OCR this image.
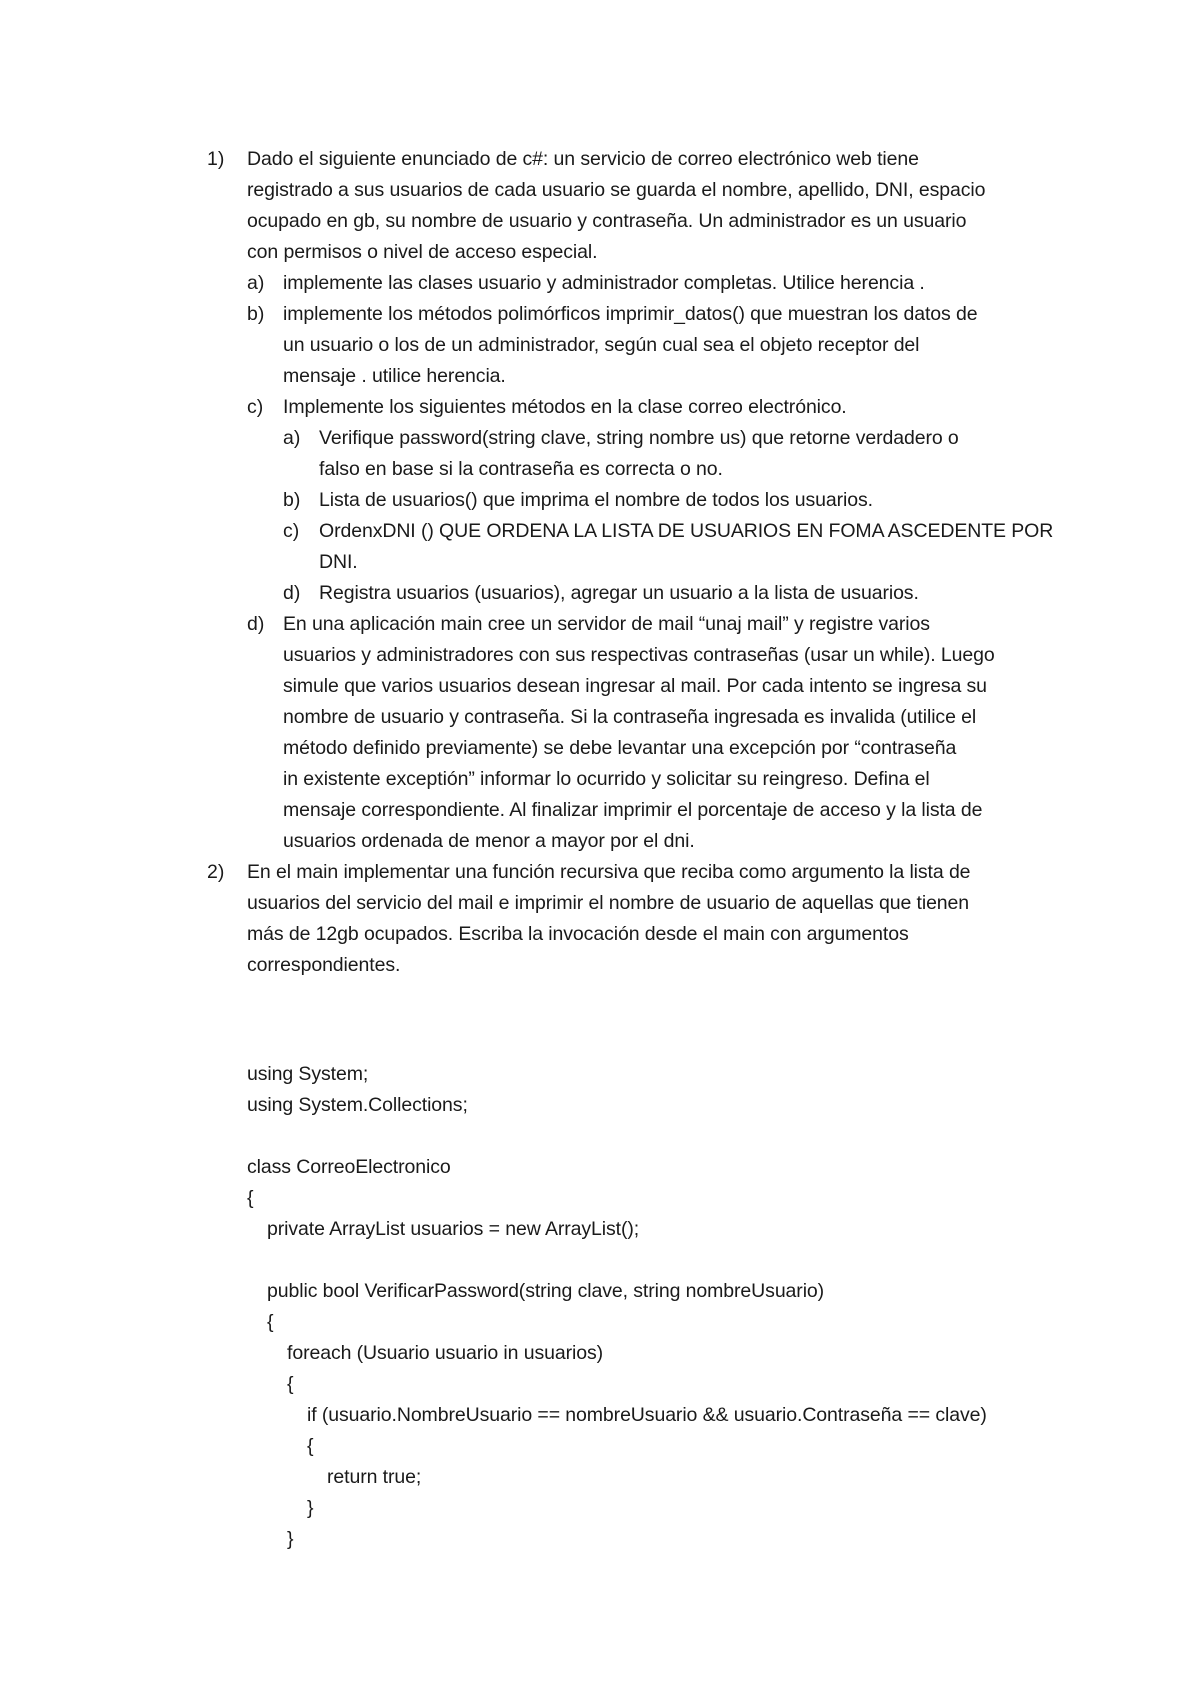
1) Dado el siguiente enunciado de c#: un servicio de correo electrónico web tiene
registrado a sus usuarios de cada usuario se guarda el nombre, apellido, DNI, espacio
ocupado en gb, su nombre de usuario y contraseña. Un administrador es un usuario
con permisos o nivel de acceso especial.
a) implemente las clases usuario y administrador completas. Utilice herencia .
b) implemente los métodos polimórficos imprimir_datos() que muestran los datos de
un usuario o los de un administrador, según cual sea el objeto receptor del
mensaje . utilice herencia.
c) Implemente los siguientes métodos en la clase correo electrónico.
a) Verifique password(string clave, string nombre us) que retorne verdadero o
falso en base si la contraseña es correcta o no.
b) Lista de usuarios() que imprima el nombre de todos los usuarios.
c) OrdenxDNI () QUE ORDENA LA LISTA DE USUARIOS EN FOMA ASCEDENTE POR
DNI.
d) Registra usuarios (usuarios), agregar un usuario a la lista de usuarios.
d) En una aplicación main cree un servidor de mail “unaj mail” y registre varios
usuarios y administradores con sus respectivas contraseñas (usar un while). Luego
simule que varios usuarios desean ingresar al mail. Por cada intento se ingresa su
nombre de usuario y contraseña. Si la contraseña ingresada es invalida (utilice el
método definido previamente) se debe levantar una excepción por “contraseña
in existente exceptión” informar lo ocurrido y solicitar su reingreso. Defina el
mensaje correspondiente. Al finalizar imprimir el porcentaje de acceso y la lista de
usuarios ordenada de menor a mayor por el dni.
2) En el main implementar una función recursiva que reciba como argumento la lista de
usuarios del servicio del mail e imprimir el nombre de usuario de aquellas que tienen
más de 12gb ocupados. Escriba la invocación desde el main con argumentos
correspondientes.
using System;
using System.Collections;
class CorreoElectronico
{
private ArrayList usuarios = new ArrayList();
public bool VerificarPassword(string clave, string nombreUsuario)
{
foreach (Usuario usuario in usuarios)
{
if (usuario.NombreUsuario == nombreUsuario && usuario.Contraseña == clave)
{
return true;
}
}
